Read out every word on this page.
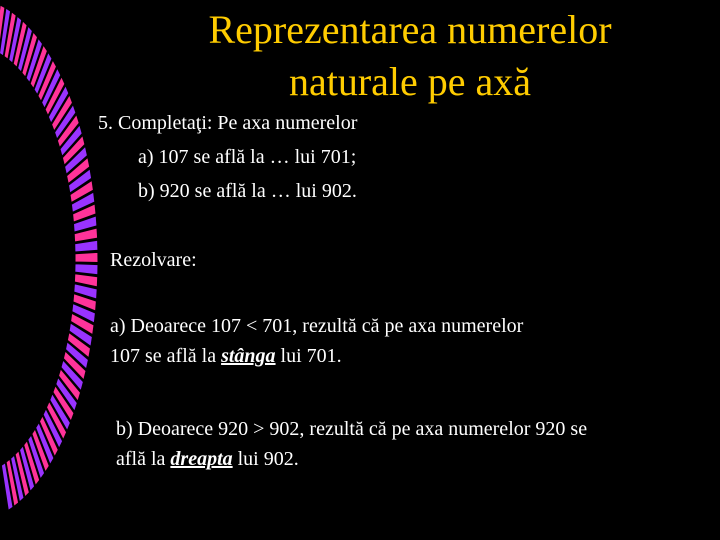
Reprezentarea numerelor
naturale pe axă
5. Completaţi: Pe axa numerelor
a) 107 se află la … lui 701;
b) 920 se află la … lui 902.
Rezolvare:
a) Deoarece 107 < 701, rezultă că pe axa numerelor
107 se află la stânga lui 701.
b) Deoarece 920 > 902, rezultă că pe axa numerelor 920 se
află la dreapta lui 902.
